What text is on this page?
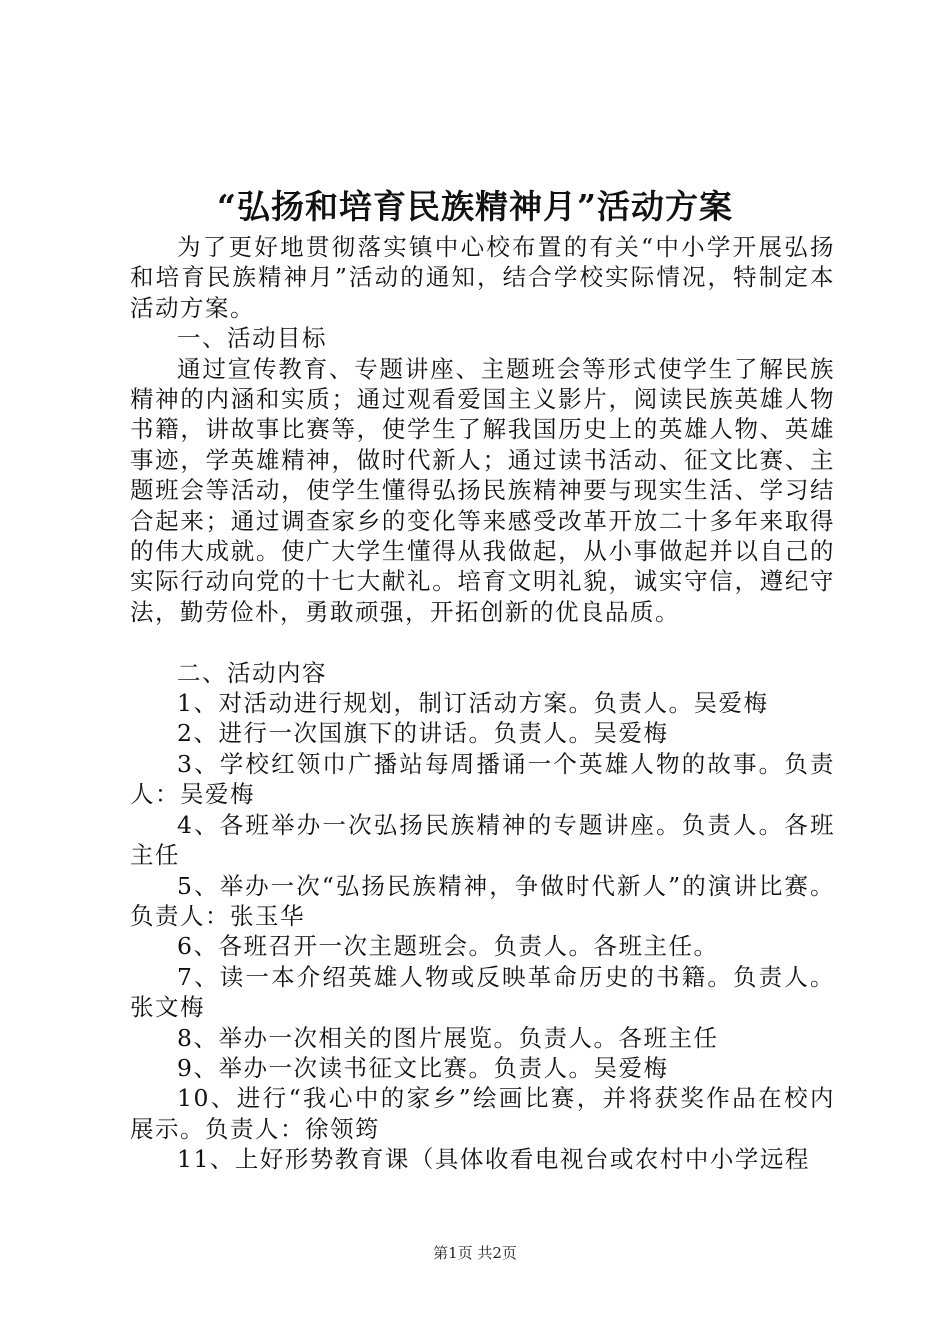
“弘扬和培育民族精神月”活动方案

为了更好地贯彻落实镇中心校布置的有关“中小学开展弘扬和培育民族精神月”活动的通知，结合学校实际情况，特制定本活动方案。

一、活动目标

通过宣传教育、专题讲座、主题班会等形式使学生了解民族精神的内涵和实质；通过观看爱国主义影片，阅读民族英雄人物书籍，讲故事比赛等，使学生了解我国历史上的英雄人物、英雄事迹，学英雄精神，做时代新人；通过读书活动、征文比赛、主题班会等活动，使学生懂得弘扬民族精神要与现实生活、学习结合起来；通过调查家乡的变化等来感受改革开放二十多年来取得的伟大成就。使广大学生懂得从我做起，从小事做起并以自己的实际行动向党的十七大献礼。培育文明礼貌，诚实守信，遵纪守法，勤劳俭朴，勇敢顽强，开拓创新的优良品质。

二、活动内容

1、对活动进行规划，制订活动方案。负责人。吴爱梅

2、进行一次国旗下的讲话。负责人。吴爱梅

3、学校红领巾广播站每周播诵一个英雄人物的故事。负责人：吴爱梅

4、各班举办一次弘扬民族精神的专题讲座。负责人。各班主任

5、举办一次“弘扬民族精神，争做时代新人”的演讲比赛。负责人：张玉华

6、各班召开一次主题班会。负责人。各班主任。

7、读一本介绍英雄人物或反映革命历史的书籍。负责人。张文梅

8、举办一次相关的图片展览。负责人。各班主任

9、举办一次读书征文比赛。负责人。吴爱梅

10、进行“我心中的家乡”绘画比赛，并将获奖作品在校内展示。负责人：徐领筠

11、上好形势教育课（具体收看电视台或农村中小学远程

第1页 共2页
